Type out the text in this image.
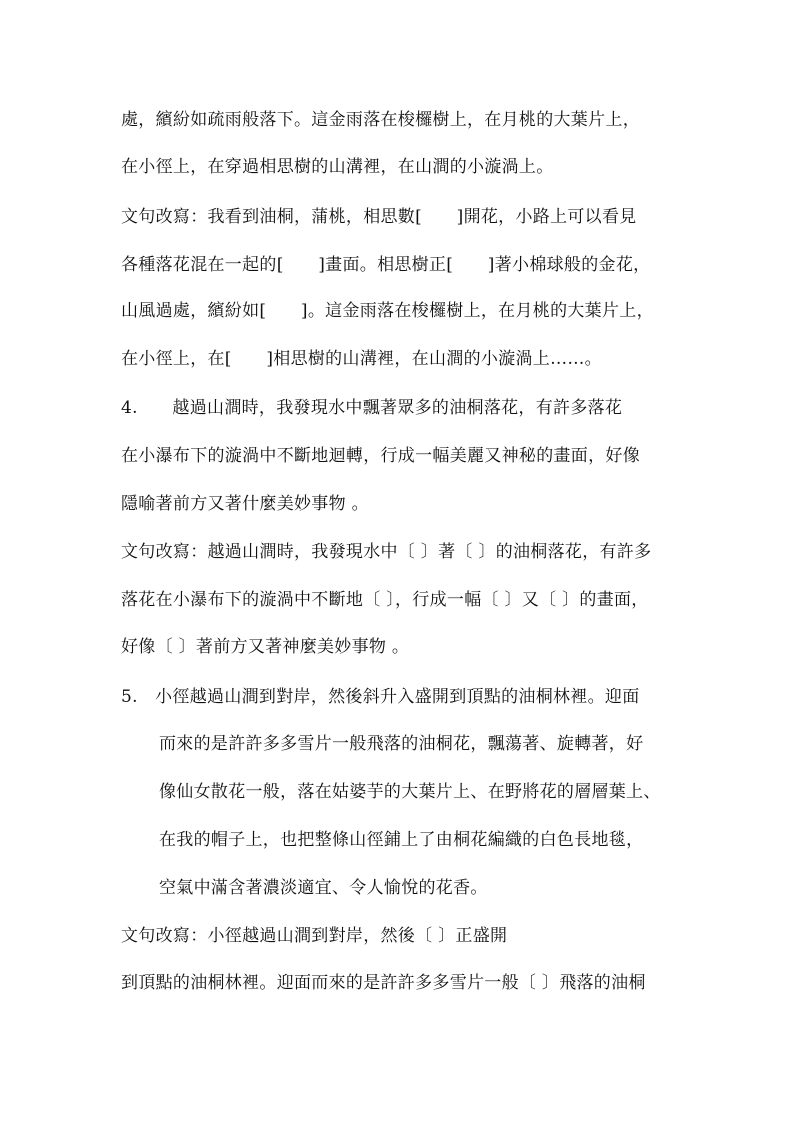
處，繽紛如疏雨般落下。這金雨落在梭欏樹上，在月桃的大葉片上，
在小徑上，在穿過相思樹的山溝裡，在山澗的小漩渦上。
文句改寫：我看到油桐，蒲桃，相思數[　　]開花，小路上可以看見
各種落花混在一起的[　　]畫面。相思樹正[　　]著小棉球般的金花，
山風過處，繽紛如[　　]。這金雨落在梭欏樹上，在月桃的大葉片上，
在小徑上，在[　　]相思樹的山溝裡，在山澗的小漩渦上……。
4.　　越過山澗時，我發現水中飄著眾多的油桐落花，有許多落花
在小瀑布下的漩渦中不斷地迴轉，行成一幅美麗又神秘的畫面，好像
隱喻著前方又著什麼美妙事物 。
文句改寫：越過山澗時，我發現水中〔 〕著〔 〕的油桐落花，有許多
落花在小瀑布下的漩渦中不斷地〔 〕，行成一幅〔 〕又〔 〕的畫面，
好像〔 〕著前方又著神麼美妙事物 。
5.　小徑越過山澗到對岸，然後斜升入盛開到頂點的油桐林裡。迎面
而來的是許許多多雪片一般飛落的油桐花，飄蕩著、旋轉著，好
像仙女散花一般，落在姑婆芋的大葉片上、在野將花的層層葉上、
在我的帽子上，也把整條山徑鋪上了由桐花編織的白色長地毯，
空氣中滿含著濃淡適宜、令人愉悅的花香。
文句改寫：小徑越過山澗到對岸，然後〔 〕正盛開
到頂點的油桐林裡。迎面而來的是許許多多雪片一般〔 〕飛落的油桐
